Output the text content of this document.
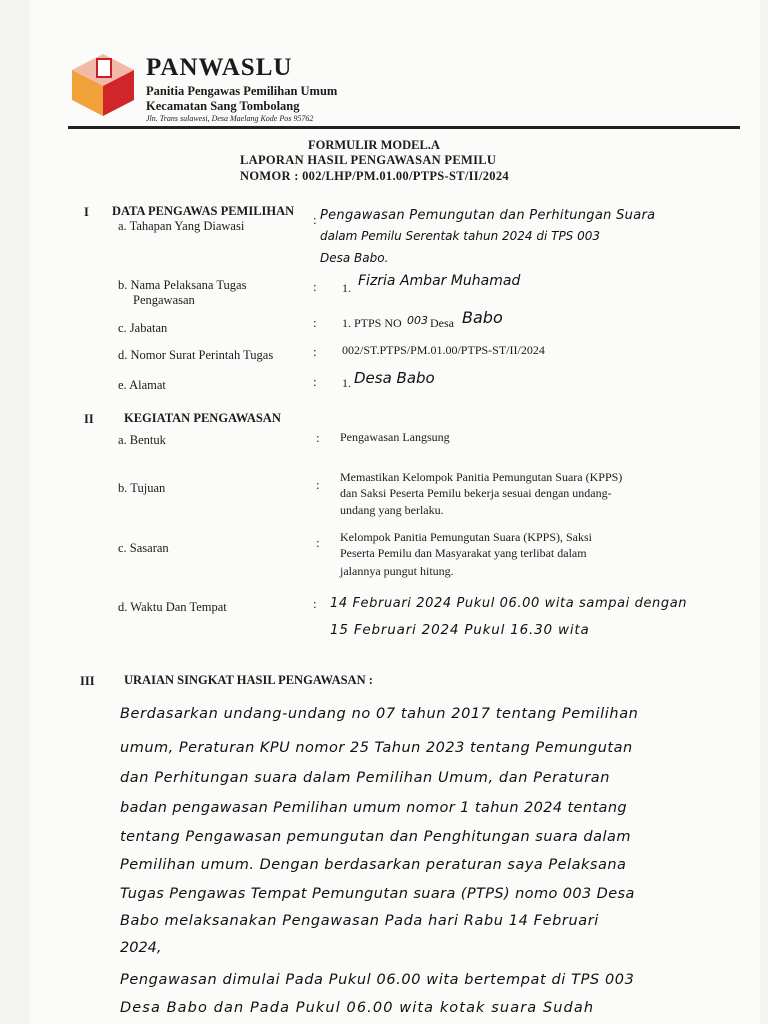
PANWASLU
Panitia Pengawas Pemilihan Umum
Kecamatan Sang Tombolang
Jln. Trans sulawesi, Desa Maelang Kode Pos 95762
FORMULIR MODEL.A
LAPORAN HASIL PENGAWASAN PEMILU
NOMOR : 002/LHP/PM.01.00/PTPS-ST/II/2024
I DATA PENGAWAS PEMILIHAN
a. Tahapan Yang Diawasi	: Pengawasan Pemungutan dan Perhitungan Suara
dalam Pemilu Serentak tahun 2024 di TPS 003
Desa Babo.
b. Nama Pelaksana Tugas
Pengawasan
: 1. Fizria Ambar Muhamad
c. Jabatan	: 1. PTPS NO 003 Desa Babo
d. Nomor Surat Perintah Tugas	: 002/ST.PTPS/PM.01.00/PTPS-ST/II/2024
e. Alamat	: 1. Desa Babo
II KEGIATAN PENGAWASAN
a. Bentuk	: Pengawasan Langsung
b. Tujuan	: Memastikan Kelompok Panitia Pemungutan Suara (KPPS)
dan Saksi Peserta Pemilu bekerja sesuai dengan undang-
undang yang berlaku.
c. Sasaran	: Kelompok Panitia Pemungutan Suara (KPPS), Saksi
Peserta Pemilu dan Masyarakat yang terlibat dalam
jalannya pungut hitung.
d. Waktu Dan Tempat	: 14 Februari 2024 Pukul 06.00 wita sampai dengan
15 Februari 2024 Pukul 16.30 wita
III URAIAN SINGKAT HASIL PENGAWASAN :
Berdasarkan undang-undang no 07 tahun 2017 tentang Pemilihan
umum, Peraturan KPU nomor 25 Tahun 2023 tentang Pemungutan
dan Perhitungan suara dalam Pemilihan Umum, dan Peraturan
badan pengawasan Pemilihan umum nomor 1 tahun 2024 tentang
tentang Pengawasan pemungutan dan Penghitungan suara dalam
Pemilihan umum. Dengan berdasarkan peraturan saya Pelaksana
Tugas Pengawas Tempat Pemungutan suara (PTPS) nomo 003 Desa
Babo melaksanakan Pengawasan Pada hari Rabu 14 Februari
2024,
Pengawasan dimulai Pada Pukul 06.00 wita bertempat di TPS 003
Desa Babo dan Pada Pukul 06.00 wita kotak suara Sudah
